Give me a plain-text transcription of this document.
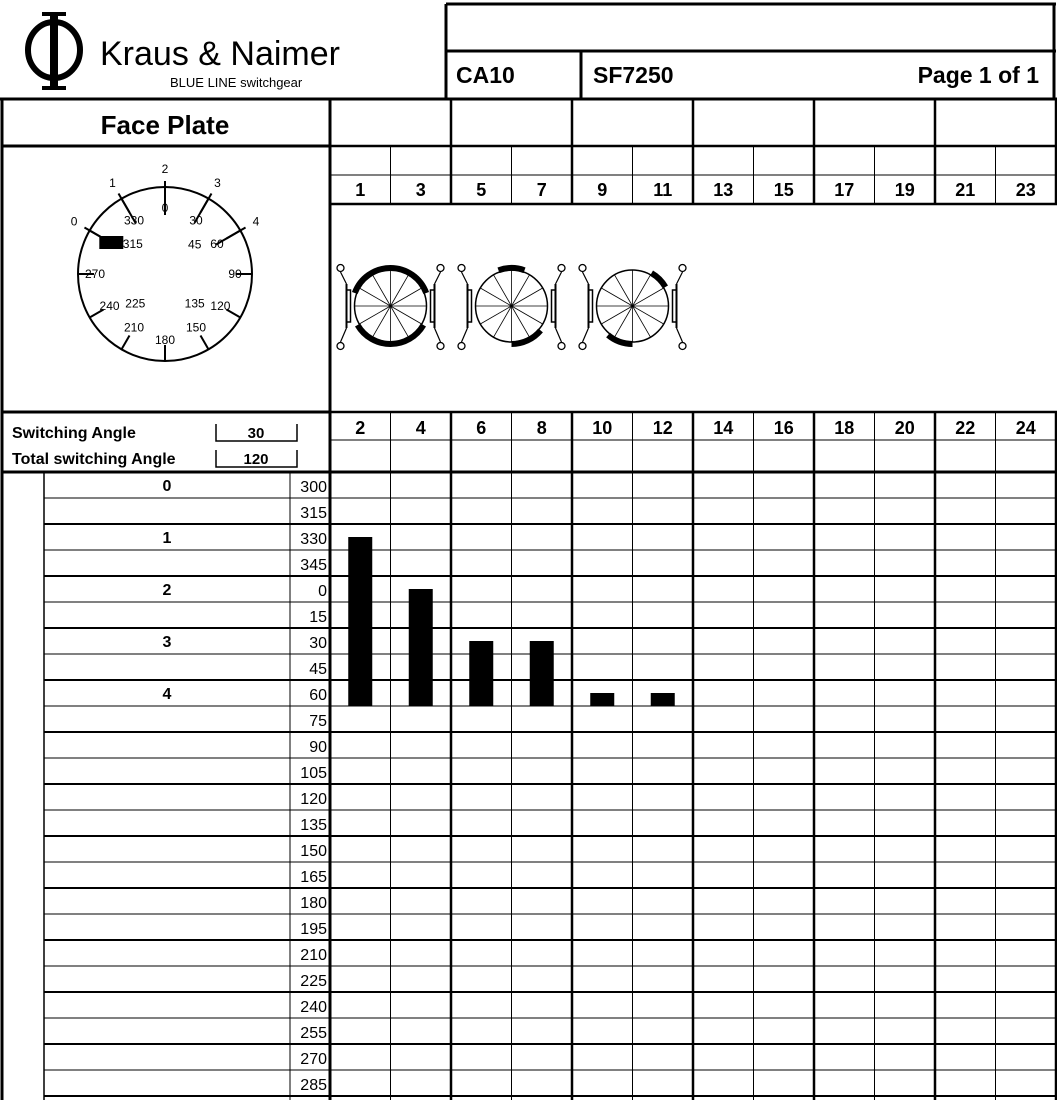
Kraus & Naimer
BLUE LINE switchgear	CA10	SF7250	Page 1 of 1
Face Plate
0
1
2
3
4
300
330
0
30
60
315	45
270	90
240 225	135 120
210
180
150
Switching Angle	30
Total switching Angle	120
1	3	5	7	9	11 13 15 17 19 21 23
2	4	6	8	10 12 14 16 18 20 22 24
0	300
315
1	330
345
2	0
15
3	30
45
4	60
75
90
105
120
135
150
165
180
195
210
225
240
255
270
285
